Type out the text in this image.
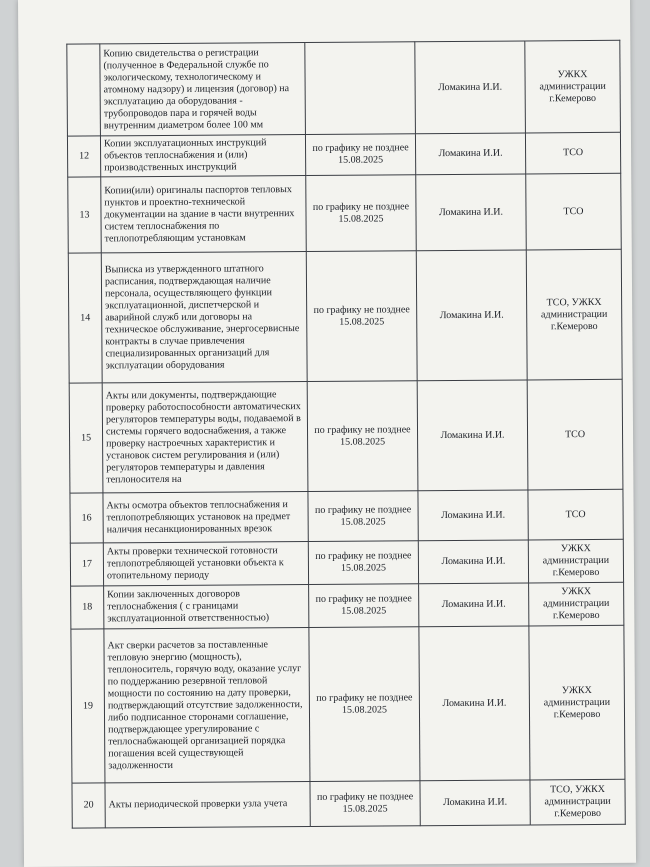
	Копию свидетельства о регистрации (полученное в Федеральной службе по экологическому, технологическому и атомному надзору) и лицензия (договор) на эксплуатацию да оборудования - трубопроводов пара и горячей воды внутренним диаметром более 100 мм		Ломакина И.И.	УЖКХ администрации г.Кемерово
12	Копии эксплуатационных инструкций объектов теплоснабжения и (или) производственных инструкций	по графику не позднее 15.08.2025	Ломакина И.И.	ТСО
13	Копии(или) оригиналы паспортов тепловых пунктов и проектно-технической документации на здание в части внутренних систем теплоснабжения по теплопотребляющим установкам	по графику не позднее 15.08.2025	Ломакина И.И.	ТСО
14	Выписка из утвержденного штатного расписания, подтверждающая наличие персонала, осуществляющего функции эксплуатационной, диспетчерской и аварийной служб или договоры на техническое обслуживание, энергосервисные контракты в случае привлечения специализированных организаций для эксплуатации оборудования	по графику не позднее 15.08.2025	Ломакина И.И.	ТСО, УЖКХ администрации г.Кемерово
15	Акты или документы, подтверждающие проверку работоспособности автоматических регуляторов температуры воды, подаваемой в системы горячего водоснабжения, а также проверку настроечных характеристик и установок систем регулирования и (или) регуляторов температуры и давления теплоносителя на	по графику не позднее 15.08.2025	Ломакина И.И.	ТСО
16	Акты осмотра объектов теплоснабжения и теплопотребляющих установок на предмет наличия несанкционированных врезок	по графику не позднее 15.08.2025	Ломакина И.И.	ТСО
17	Акты проверки технической готовности теплопотребляющей установки объекта к отопительному периоду	по графику не позднее 15.08.2025	Ломакина И.И.	УЖКХ администрации г.Кемерово
18	Копии заключенных договоров теплоснабжения ( с границами эксплуатационной ответственностью)	по графику не позднее 15.08.2025	Ломакина И.И.	УЖКХ администрации г.Кемерово
19	Акт сверки расчетов за поставленные тепловую энергию (мощность), теплоноситель, горячую воду, оказание услуг по поддержанию резервной тепловой мощности по состоянию на дату проверки, подтверждающий отсутствие задолженности, либо подписанное сторонами соглашение, подтверждающее урегулирование с теплоснабжающей организацией порядка погашения всей существующей задолженности	по графику не позднее 15.08.2025	Ломакина И.И.	УЖКХ администрации г.Кемерово
20	Акты периодической проверки узла учета	по графику не позднее 15.08.2025	Ломакина И.И.	ТСО, УЖКХ администрации г.Кемерово
